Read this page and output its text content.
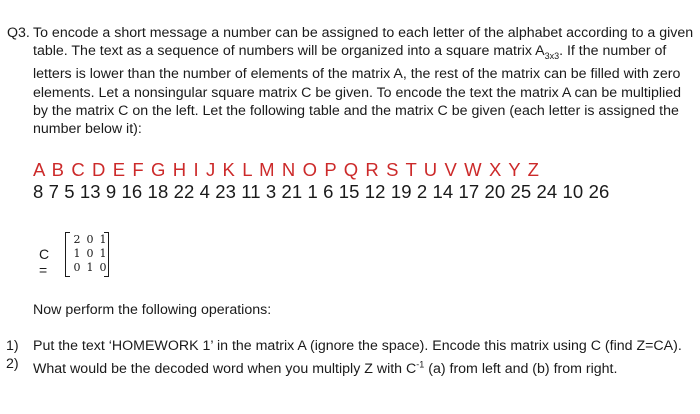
Q3. To encode a short message a number can be assigned to each letter of the alphabet according to a given table. The text as a sequence of numbers will be organized into a square matrix $A_{3x3}$. If the number of letters is lower than the number of elements of the matrix A, the rest of the matrix can be filled with zero elements. Let a nonsingular square matrix C be given. To encode the text the matrix A can be multiplied by the matrix C on the left. Let the following table and the matrix C be given (each letter is assigned the number below it):
A B C D E F G H I J K L M N O P Q R S T U V W X Y Z
8 7 5 13 9 16 18 22 4 23 11 3 21 1 6 15 12 19 2 14 17 20 25 24 10 26
C =
2 0 1
1 0 1
0 1 0
Now perform the following operations:
1) Put the text ‘HOMEWORK 1’ in the matrix A (ignore the space). Encode this matrix using C (find Z=CA).
2) What would be the decoded word when you multiply Z with $C^{-1}$ (a) from left and (b) from right.
